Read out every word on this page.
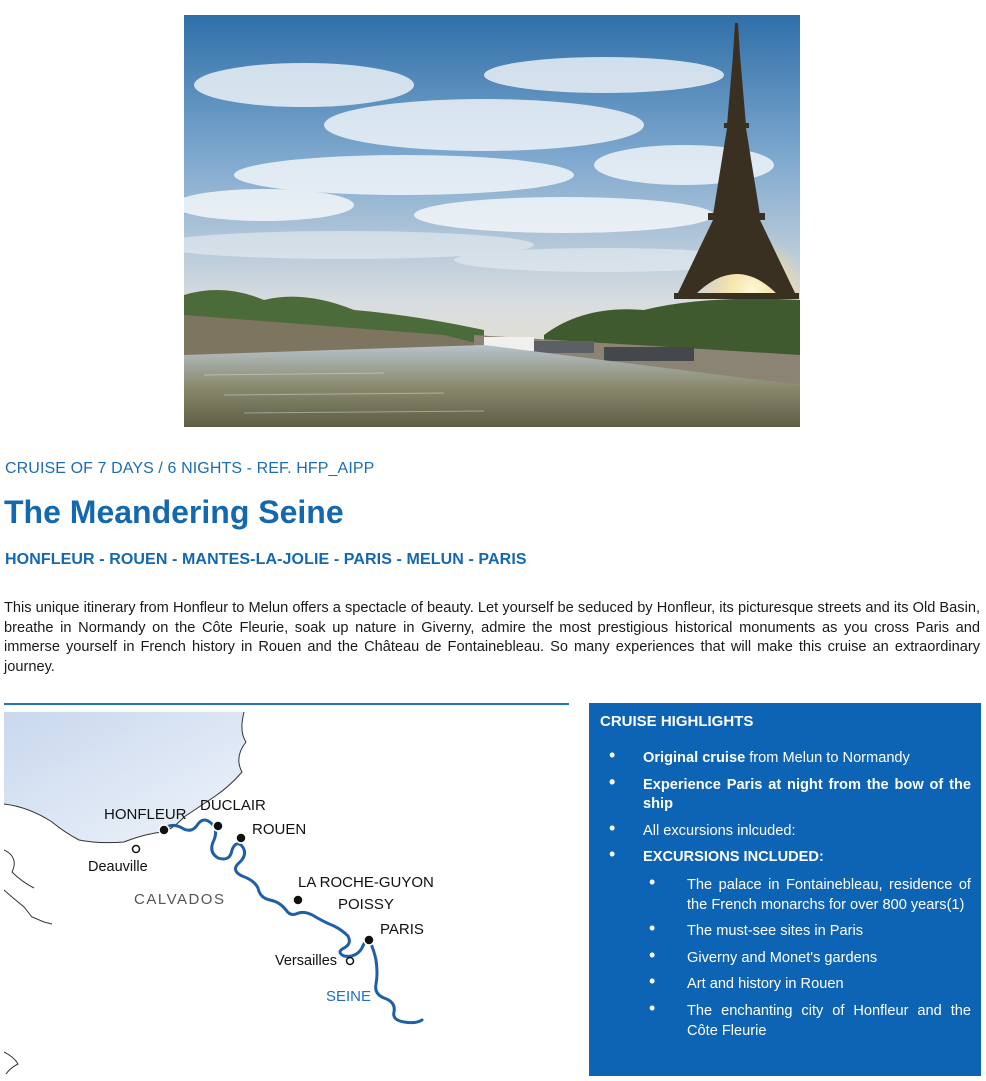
CRUISE OF 7 DAYS / 6 NIGHTS - REF. HFP_AIPP
The Meandering Seine
HONFLEUR - ROUEN - MANTES-LA-JOLIE - PARIS - MELUN - PARIS

This unique itinerary from Honfleur to Melun offers a spectacle of beauty. Let yourself be seduced by Honfleur, its picturesque streets and its Old Basin, breathe in Normandy on the Côte Fleurie, soak up nature in Giverny, admire the most prestigious historical monuments as you cross Paris and immerse yourself in French history in Rouen and the Château de Fontainebleau. So many experiences that will make this cruise an extraordinary journey.

HONFLEUR
DUCLAIR
ROUEN
Deauville
CALVADOS
LA ROCHE-GUYON
POISSY
PARIS
Versailles
SEINE
CRUISE HIGHLIGHTS
• Original cruise from Melun to Normandy
• Experience Paris at night from the bow of the ship
• All excursions inlcuded:
• EXCURSIONS INCLUDED:
• The palace in Fontainebleau, residence of the French monarchs for over 800 years(1)
• The must-see sites in Paris
• Giverny and Monet's gardens
• Art and history in Rouen
• The enchanting city of Honfleur and the Côte Fleurie
